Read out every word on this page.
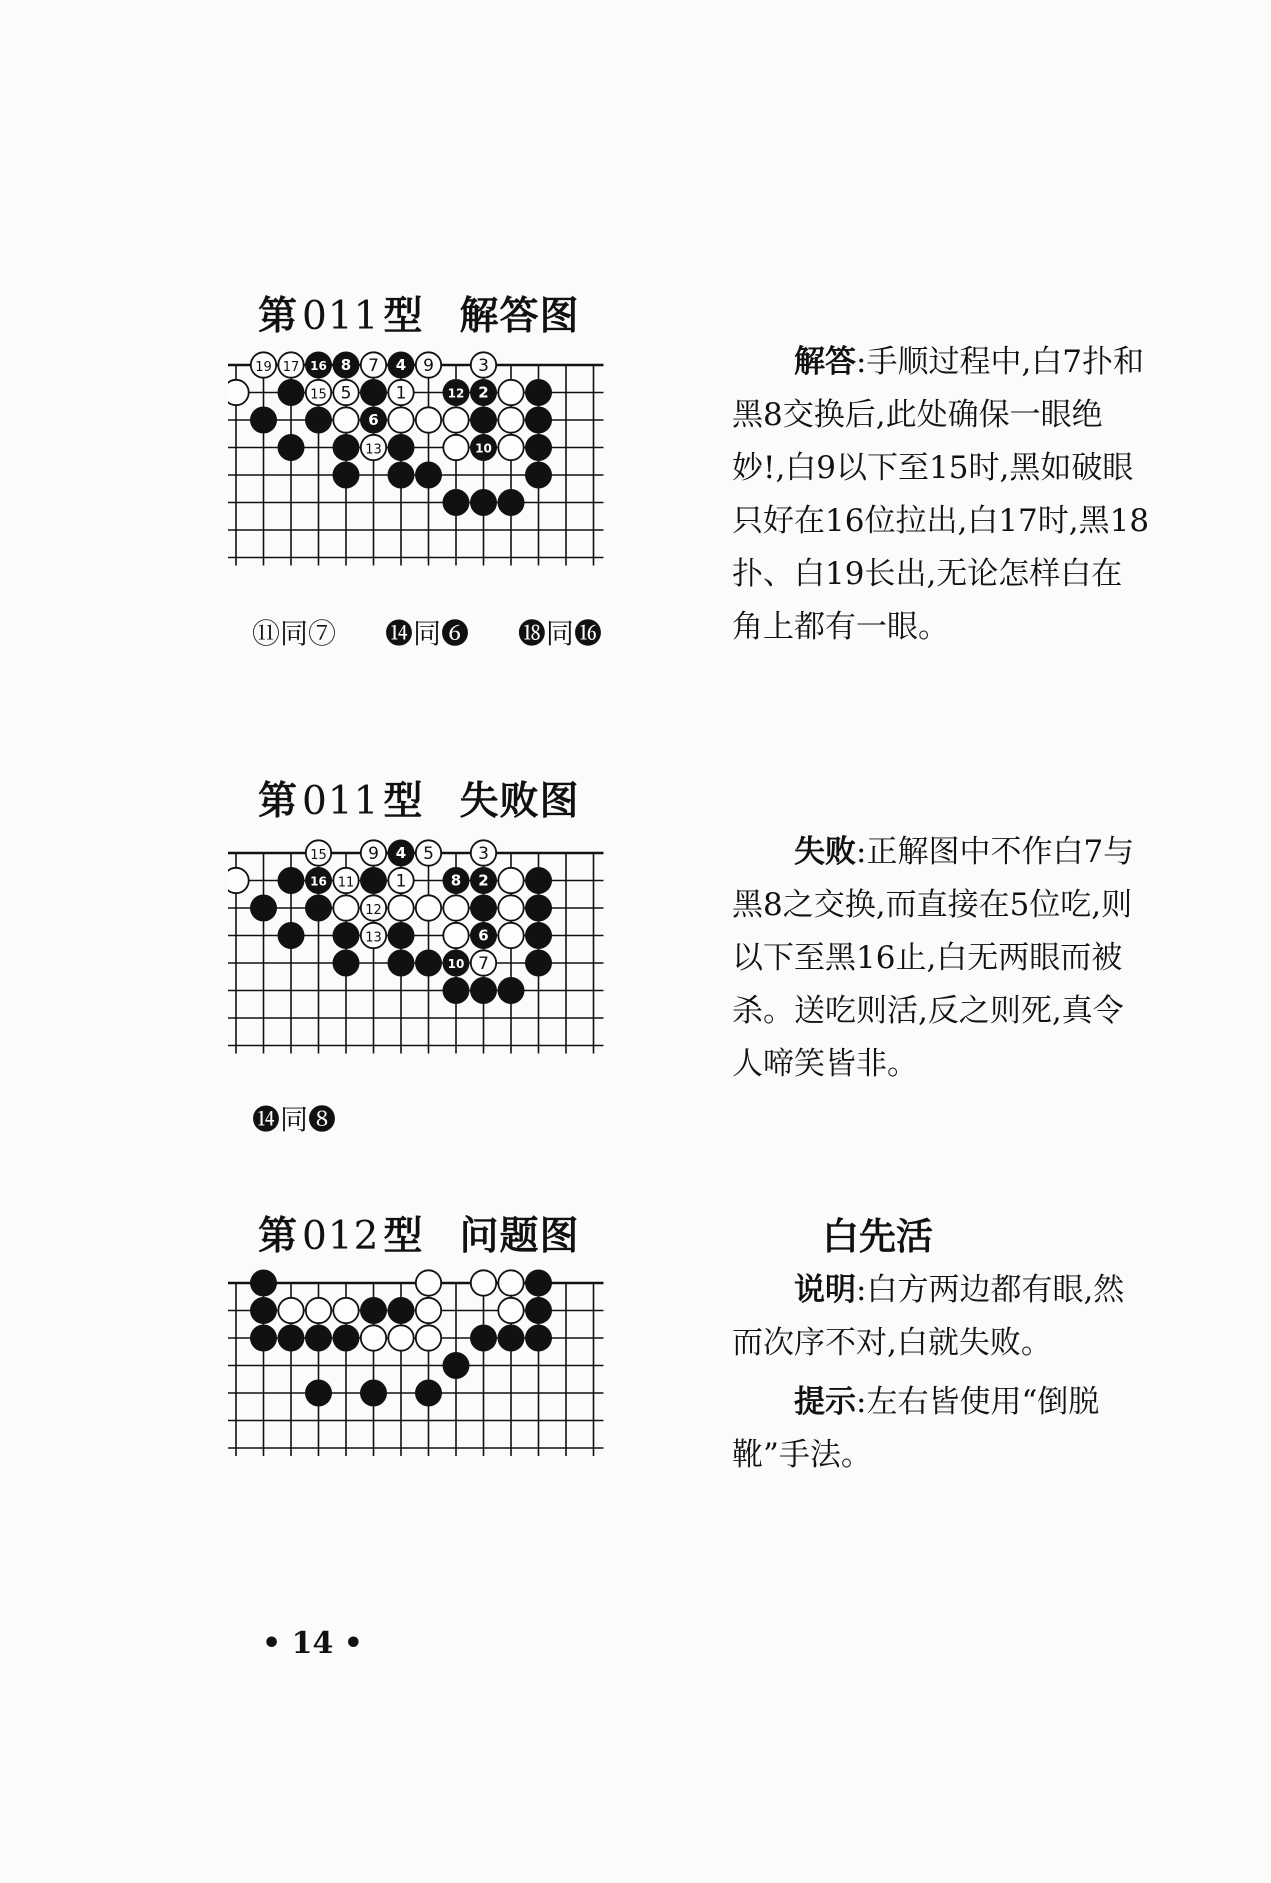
第 011 型 解答图
19 17 16 8 7 4 9	3
15 5	1	12 2
6
13	10
⑪同⑦ ⓮同❻ ⓲同⓰

解答:手顺过程中,白7扑和黑8交换后,此处确保一眼绝妙!,白9以下至15时,黑如破眼只好在16位拉出,白17时,黑18扑、白19长出,无论怎样白在角上都有一眼。

第 011 型 失败图
15 9 4 5	3
16 11 1	8 2
12
13	6
10 7
⓮同❽

失败:正解图中不作白7与黑8之交换,而直接在5位吃,则以下至黑16止,白无两眼而被杀。送吃则活,反之则死,真令人啼笑皆非。

第 012 型 问题图	白先活

说明:白方两边都有眼,然而次序不对,白就失败。

提示:左右皆使用“倒脱靴”手法。

• 14 •
